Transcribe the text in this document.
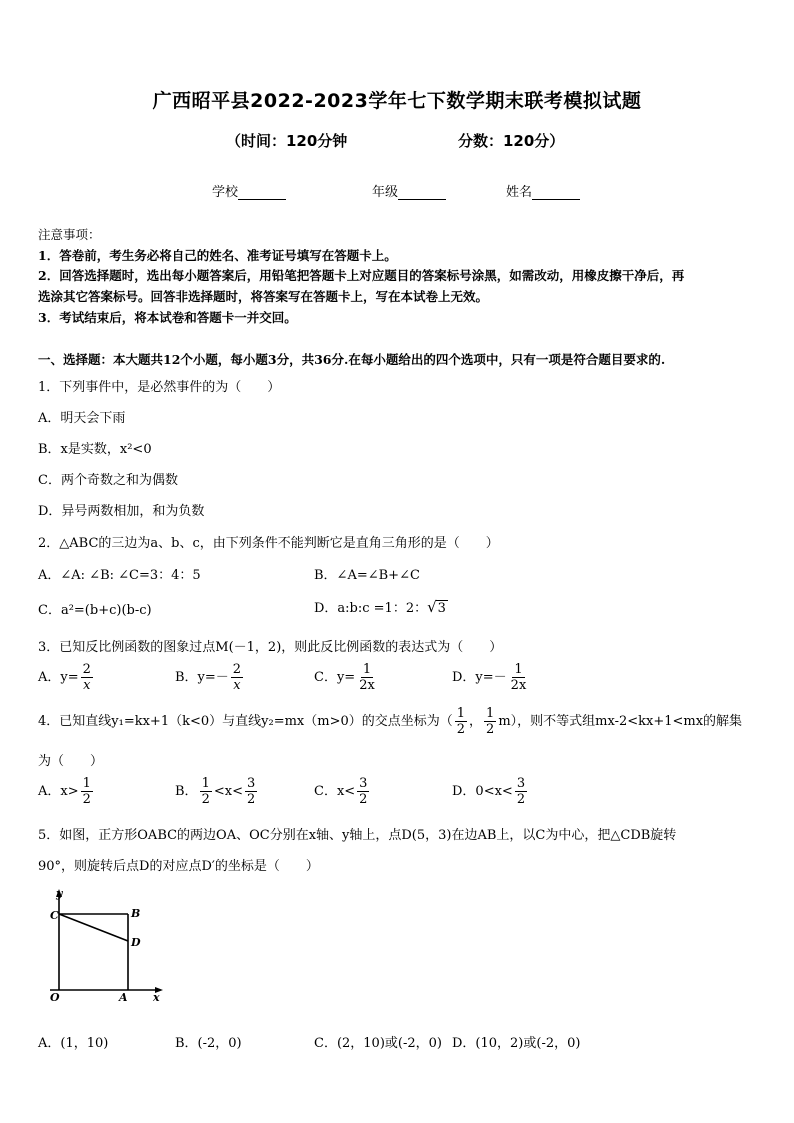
广西昭平县2022-2023学年七下数学期末联考模拟试题
（时间：120分钟	分数：120分）
学校	年级	姓名
注意事项：
1．答卷前，考生务必将自己的姓名、准考证号填写在答题卡上。
2．回答选择题时，选出每小题答案后，用铅笔把答题卡上对应题目的答案标号涂黑，如需改动，用橡皮擦干净后，再
选涂其它答案标号。回答非选择题时，将答案写在答题卡上，写在本试卷上无效。
3．考试结束后，将本试卷和答题卡一并交回。
一、选择题：本大题共12个小题，每小题3分，共36分.在每小题给出的四个选项中，只有一项是符合题目要求的.
1．下列事件中，是必然事件的为（　　）
A．明天会下雨
B．x是实数，x²<0
C．两个奇数之和为偶数
D．异号两数相加，和为负数
2．△ABC的三边为a、b、c，由下列条件不能判断它是直角三角形的是（　　）
A．∠A: ∠B: ∠C=3：4：5	B．∠A=∠B+∠C
C．a²=(b+c)(b-c)	D．a:b:c =1：2：√3
3．已知反比例函数的图象过点M(－1，2)，则此反比例函数的表达式为（　　）
A．$y= \frac{2}{x}$	B．$y=- \frac{2}{x}$	C．$y= \frac{1}{2x}$	D．$y=- \frac{1}{2x}$
4．已知直线y₁=kx+1（k<0）与直线y₂=mx（m>0）的交点坐标为（ $\frac{1}{2}$ ， $\frac{1}{2} m$），则不等式组mx-2<kx+1<mx的解集
为（　　）
A．$x> \frac{1}{2}$	B． $\frac{1}{2} <x< \frac{3}{2}$	C．$x< \frac{3}{2}$	D．$0<x< \frac{3}{2}$
5．如图，正方形OABC的两边OA、OC分别在x轴、y轴上，点D(5，3)在边AB上，以C为中心，把△CDB旋转
90°，则旋转后点D的对应点D′的坐标是（　　）
y
x
C	B
D
O	A
A．(1，10)	B．(-2，0)	C．(2，10)或(-2，0) D．(10，2)或(-2，0)
